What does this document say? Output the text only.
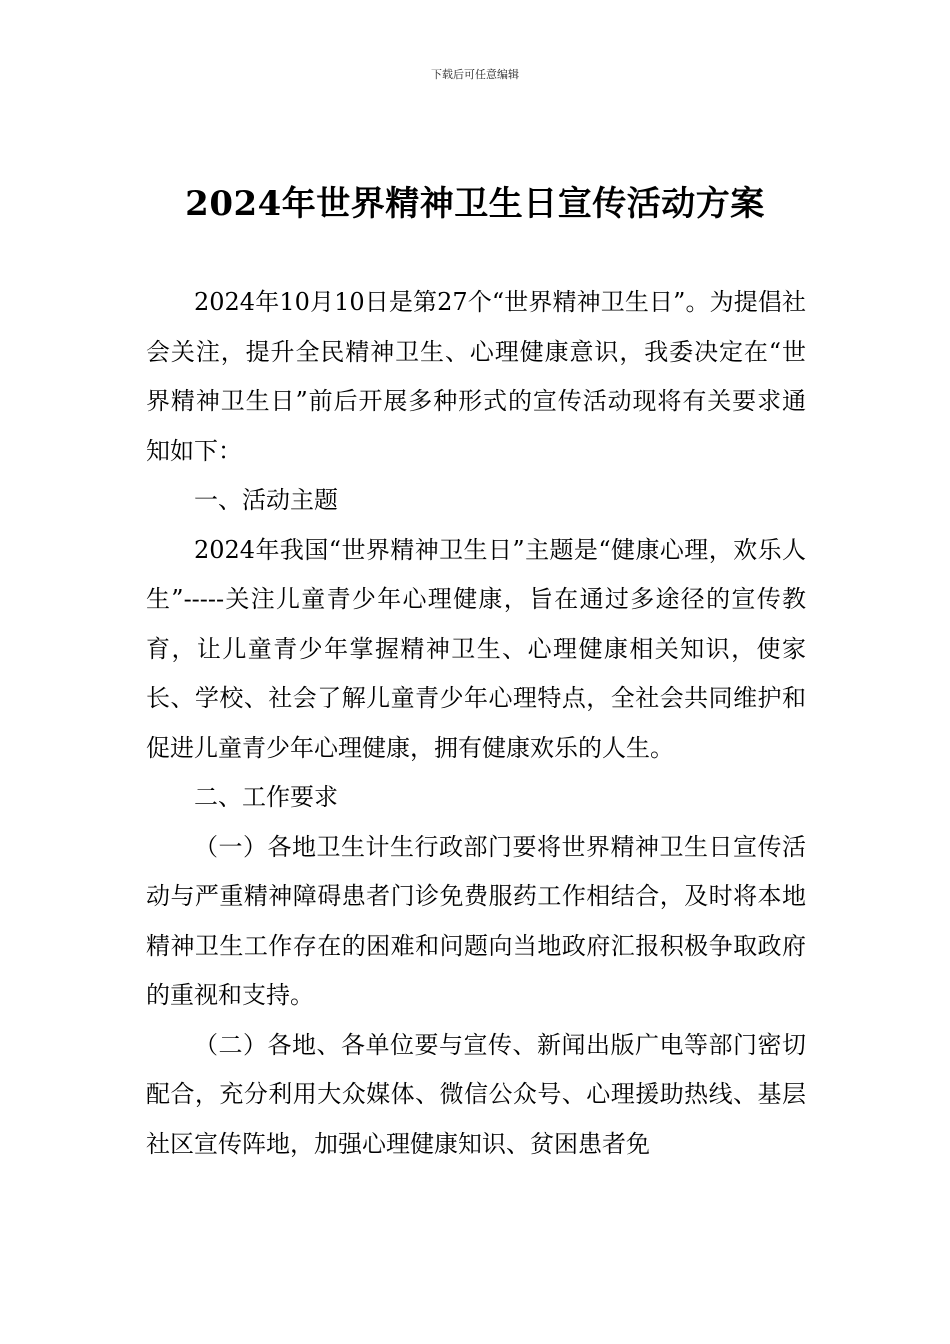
下载后可任意编辑
2024年世界精神卫生日宣传活动方案

2024年10月10日是第27个“世界精神卫生日”。为提倡社会关注，提升全民精神卫生、心理健康意识，我委决定在“世界精神卫生日”前后开展多种形式的宣传活动现将有关要求通知如下：

一、活动主题

2024年我国“世界精神卫生日”主题是“健康心理，欢乐人生”-----关注儿童青少年心理健康，旨在通过多途径的宣传教育，让儿童青少年掌握精神卫生、心理健康相关知识，使家长、学校、社会了解儿童青少年心理特点，全社会共同维护和促进儿童青少年心理健康，拥有健康欢乐的人生。

二、工作要求

（一）各地卫生计生行政部门要将世界精神卫生日宣传活动与严重精神障碍患者门诊免费服药工作相结合，及时将本地精神卫生工作存在的困难和问题向当地政府汇报积极争取政府的重视和支持。

（二）各地、各单位要与宣传、新闻出版广电等部门密切配合，充分利用大众媒体、微信公众号、心理援助热线、基层社区宣传阵地，加强心理健康知识、贫困患者免
